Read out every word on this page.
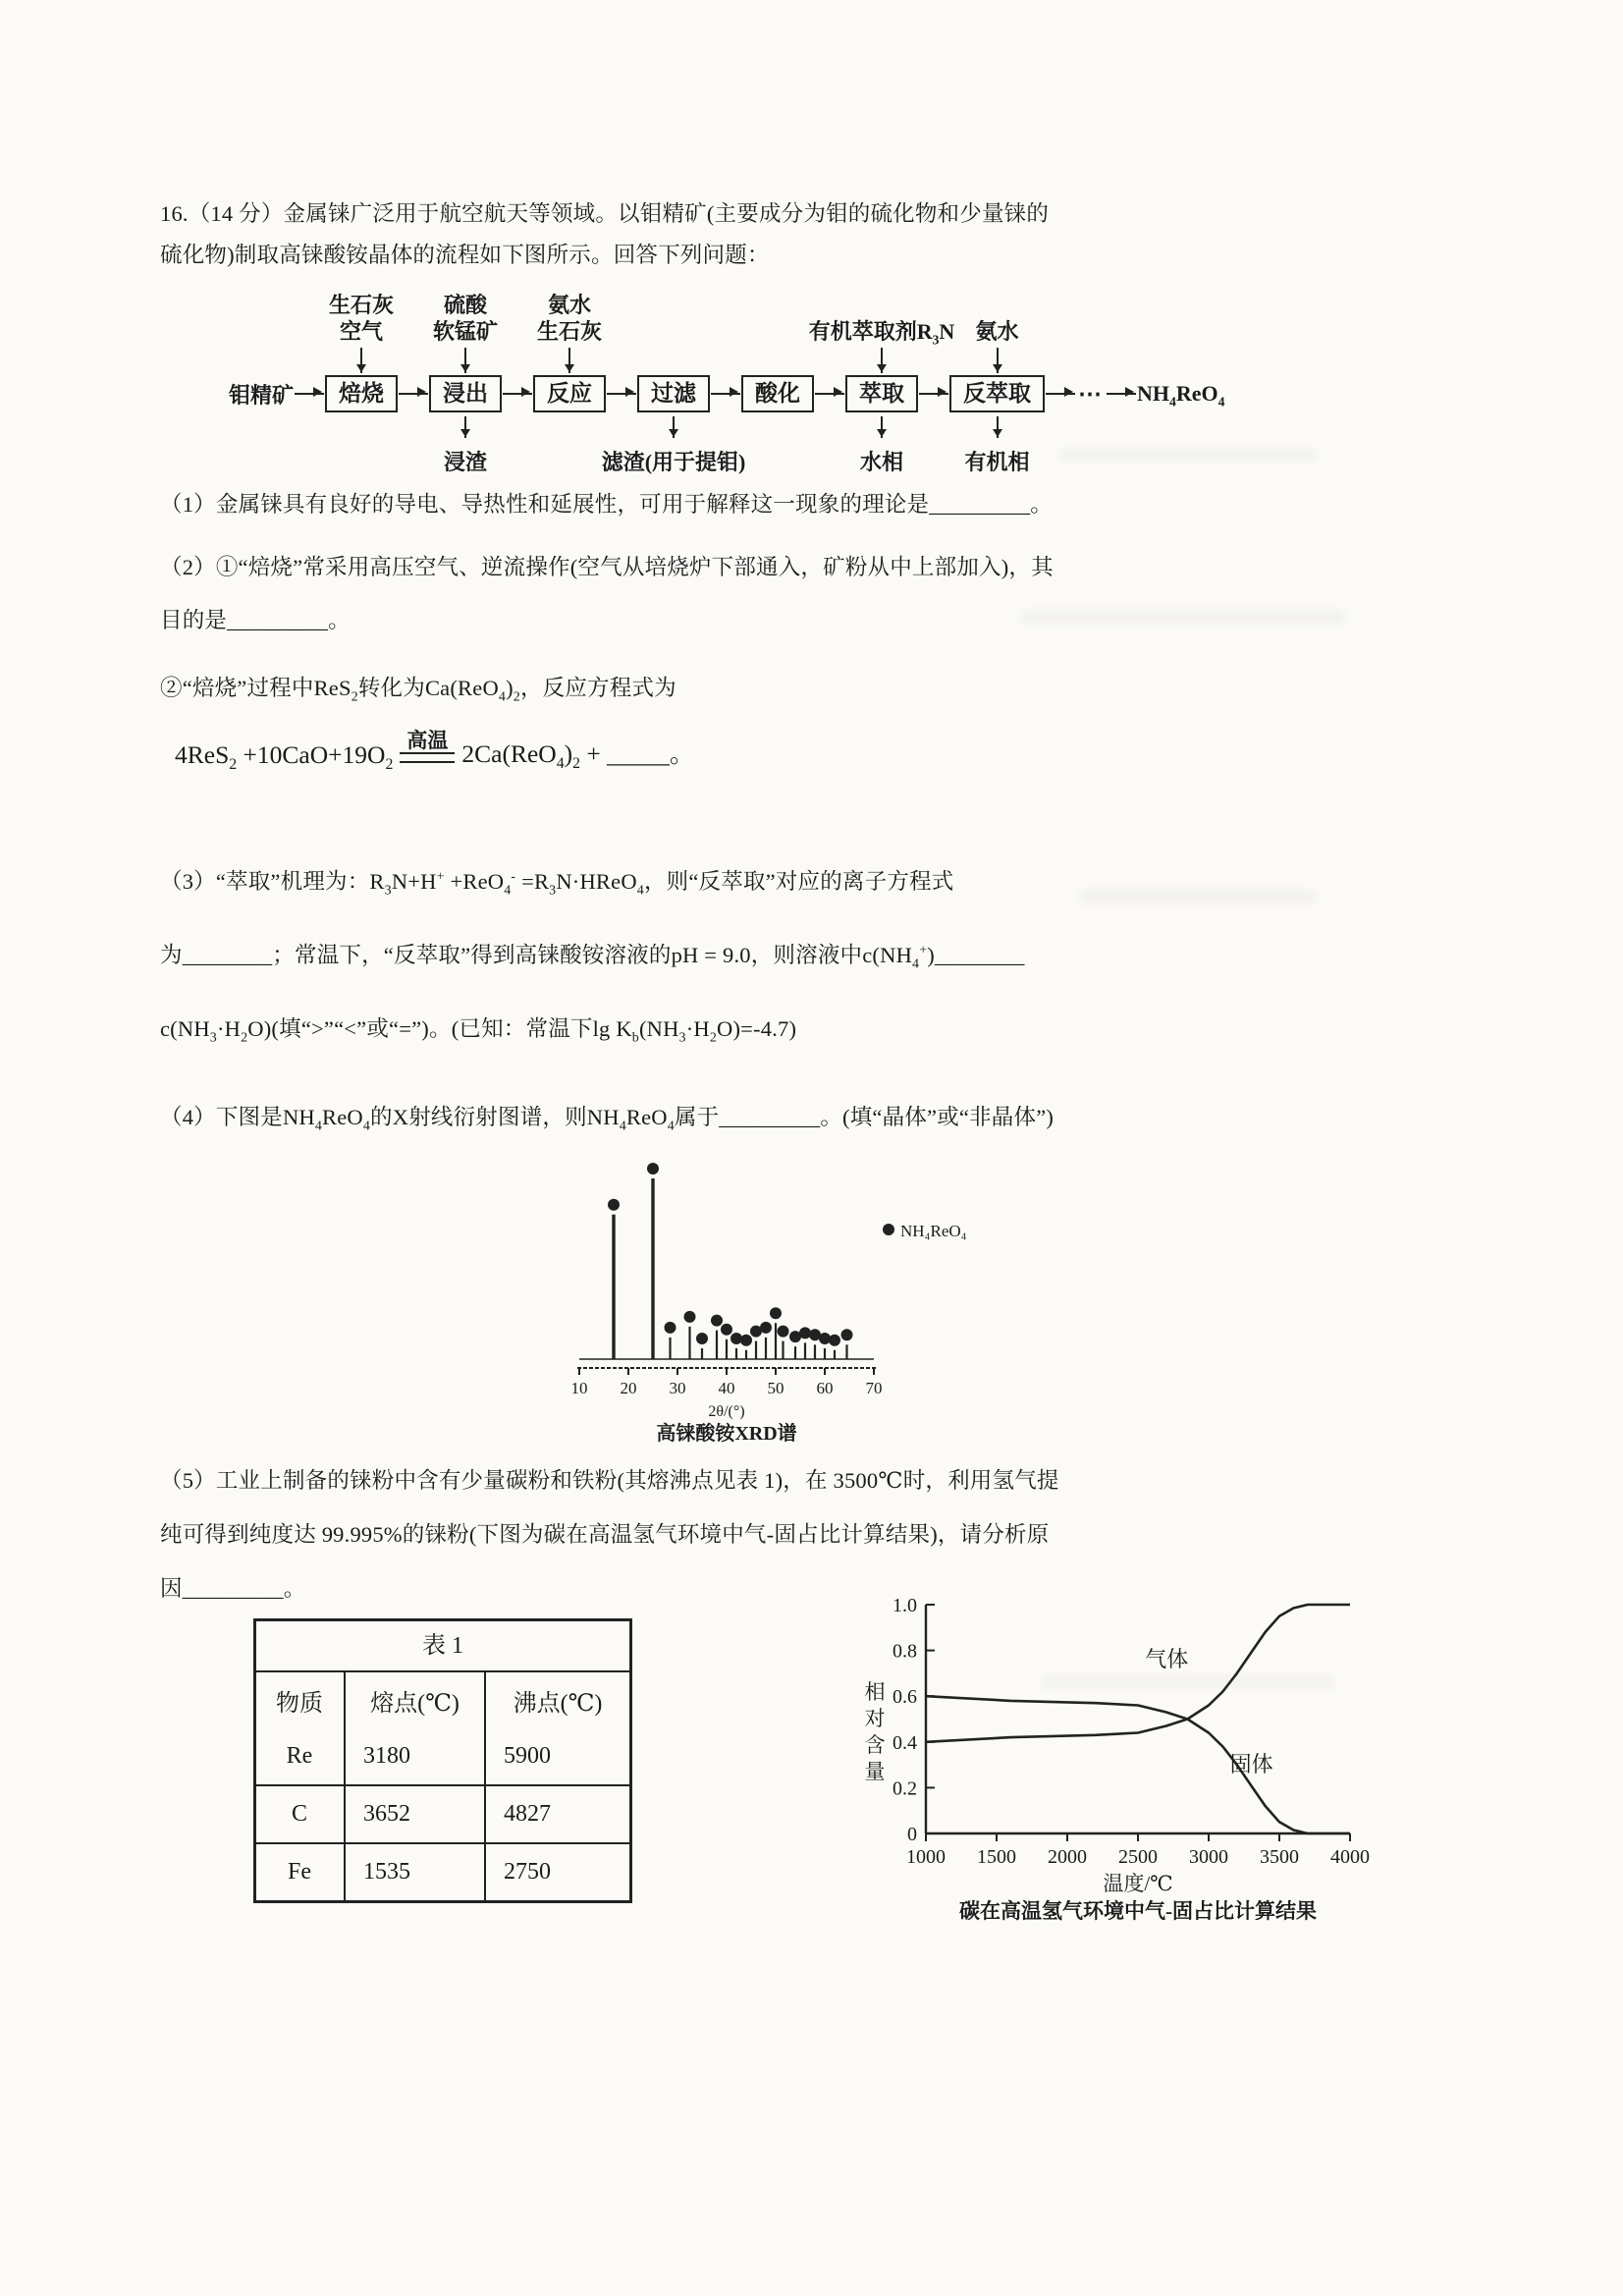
16.（14 分）金属铼广泛用于航空航天等领域。以钼精矿(主要成分为钼的硫化物和少量铼的
硫化物)制取高铼酸铵晶体的流程如下图所示。回答下列问题：
钼精矿
生石灰
空气
焙烧
硫酸
软锰矿
浸出
浸渣
氨水
生石灰
反应	过滤
滤渣(用于提钼)
酸化
有机萃取剂$R_3N$
萃取
水相
氨水
反萃取
有机相
⋯ $NH_4ReO_4$
（1）金属铼具有良好的导电、导热性和延展性，可用于解释这一现象的理论是_________。
（2）①“焙烧”常采用高压空气、逆流操作(空气从培烧炉下部通入，矿粉从中上部加入)，其
目的是_________。
②“焙烧”过程中ReS$_2$转化为$Ca(ReO_4)_2$，反应方程式为
$4ReS_2 +10CaO+19O_2$
高温 $2Ca(ReO_4)_2$ + _____。
（3）“萃取”机理为：$R_3N+H^+ +ReO_4^-$ $=R_3N\cdot HReO_4$，则“反萃取”对应的离子方程式
为________；常温下，“反萃取”得到高铼酸铵溶液的pH = 9.0，则溶液中$c(NH_4^+)\_\_\_\_\_\_\_\_$
$c(NH_3\cdot H_2O)$(填“>”“<”或“=”)。(已知：常温下$\lg K_b(NH_3\cdot H_2O)=-4.7$)
（4）下图是$NH_4ReO_4$的X射线衍射图谱，则$NH_4ReO_4$属于_________。(填“晶体”或“非晶体”)
10 20 30 40 50 60 70
2θ/(°)
高铼酸铵XRD谱
NH₄ReO₄
（5）工业上制备的铼粉中含有少量碳粉和铁粉(其熔沸点见表 1)，在 3500℃时，利用氢气提
纯可得到纯度达 99.995%的铼粉(下图为碳在高温氢气环境中气-固占比计算结果)，请分析原
因_________。
表 1
物质	熔点(℃)	沸点(℃)
Re	3180	5900
C	3652	4827
Fe	1535	2750
0
0.2
0.4
0.6
0.8
1.0
1000 1500 2000 2500 3000 3500 4000
气体
固体
相
对
含
量
温度/℃
碳在高温氢气环境中气-固占比计算结果
